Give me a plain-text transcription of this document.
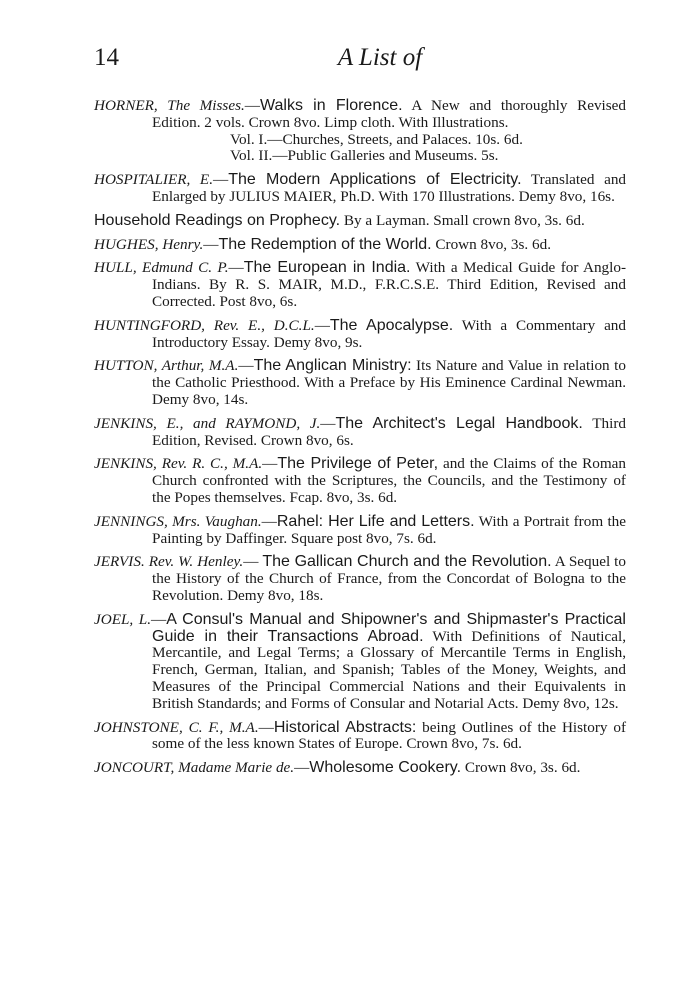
14	A List of
HORNER, The Misses.—Walks in Florence. A New and thoroughly Revised Edition. 2 vols. Crown 8vo. Limp cloth. With Illustrations.
Vol. I.—Churches, Streets, and Palaces. 10s. 6d.
Vol. II.—Public Galleries and Museums. 5s.
HOSPITALIER, E.—The Modern Applications of Electricity. Translated and Enlarged by JULIUS MAIER, Ph.D. With 170 Illustrations. Demy 8vo, 16s.
Household Readings on Prophecy. By a Layman. Small crown 8vo, 3s. 6d.
HUGHES, Henry.—The Redemption of the World. Crown 8vo, 3s. 6d.
HULL, Edmund C. P.—The European in India. With a Medical Guide for Anglo-Indians. By R. S. MAIR, M.D., F.R.C.S.E. Third Edition, Revised and Corrected. Post 8vo, 6s.
HUNTINGFORD, Rev. E., D.C.L.—The Apocalypse. With a Commentary and Introductory Essay. Demy 8vo, 9s.
HUTTON, Arthur, M.A.—The Anglican Ministry: Its Nature and Value in relation to the Catholic Priesthood. With a Preface by His Eminence Cardinal Newman. Demy 8vo, 14s.
JENKINS, E., and RAYMOND, J.—The Architect's Legal Handbook. Third Edition, Revised. Crown 8vo, 6s.
JENKINS, Rev. R. C., M.A.—The Privilege of Peter, and the Claims of the Roman Church confronted with the Scriptures, the Councils, and the Testimony of the Popes themselves. Fcap. 8vo, 3s. 6d.
JENNINGS, Mrs. Vaughan.—Rahel: Her Life and Letters. With a Portrait from the Painting by Daffinger. Square post 8vo, 7s. 6d.
JERVIS. Rev. W. Henley.— The Gallican Church and the Revolution. A Sequel to the History of the Church of France, from the Concordat of Bologna to the Revolution. Demy 8vo, 18s.
JOEL, L.—A Consul's Manual and Shipowner's and Shipmaster's Practical Guide in their Transactions Abroad. With Definitions of Nautical, Mercantile, and Legal Terms; a Glossary of Mercantile Terms in English, French, German, Italian, and Spanish; Tables of the Money, Weights, and Measures of the Principal Commercial Nations and their Equivalents in British Standards; and Forms of Consular and Notarial Acts. Demy 8vo, 12s.
JOHNSTONE, C. F., M.A.—Historical Abstracts: being Outlines of the History of some of the less known States of Europe. Crown 8vo, 7s. 6d.
JONCOURT, Madame Marie de.—Wholesome Cookery. Crown 8vo, 3s. 6d.
